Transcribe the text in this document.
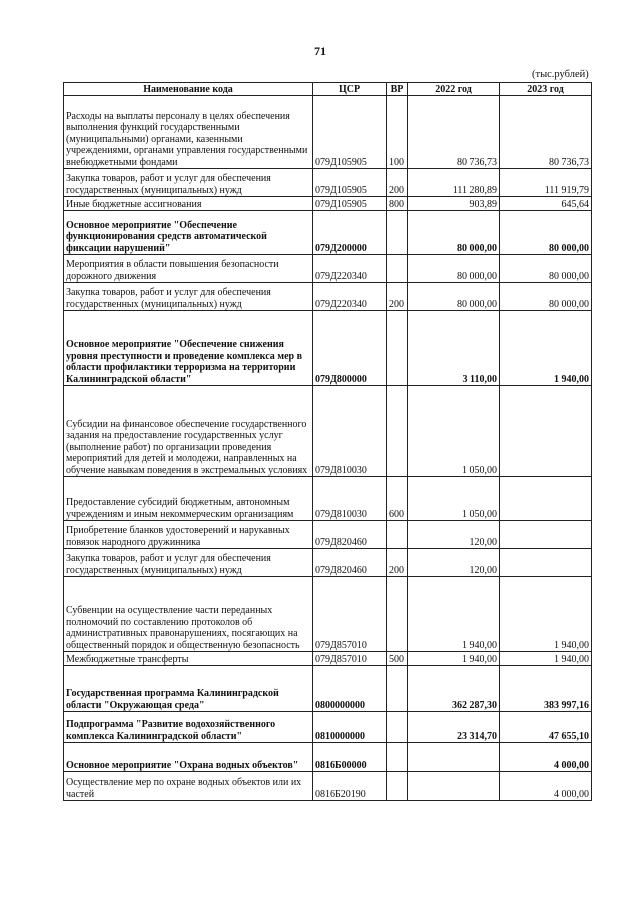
71
(тыс.рублей)
Наименование кода	ЦСР	ВР	2022 год	2023 год
Расходы на выплаты персоналу в целях обеспечения выполнения функций государственными (муниципальными) органами, казенными учреждениями, органами управления государственными внебюджетными фондами	079Д105905	100	80 736,73	80 736,73
Закупка товаров, работ и услуг для обеспечения государственных (муниципальных) нужд	079Д105905	200	111 280,89	111 919,79
Иные бюджетные ассигнования	079Д105905	800	903,89	645,64
Основное мероприятие "Обеспечение функционирования средств автоматической фиксации нарушений"	079Д200000		80 000,00	80 000,00
Мероприятия в области повышения безопасности дорожного движения	079Д220340		80 000,00	80 000,00
Закупка товаров, работ и услуг для обеспечения государственных (муниципальных) нужд	079Д220340	200	80 000,00	80 000,00
Основное мероприятие "Обеспечение снижения уровня преступности и проведение комплекса мер в области профилактики терроризма на территории Калининградской области"	079Д800000		3 110,00	1 940,00
Субсидии на финансовое обеспечение государственного задания на предоставление государственных услуг (выполнение работ) по организации проведения мероприятий для детей и молодежи, направленных на обучение навыкам поведения в экстремальных условиях	079Д810030		1 050,00	
Предоставление субсидий бюджетным, автономным учреждениям и иным некоммерческим организациям	079Д810030	600	1 050,00	
Приобретение бланков удостоверений и нарукавных повязок народного дружинника	079Д820460		120,00	
Закупка товаров, работ и услуг для обеспечения государственных (муниципальных) нужд	079Д820460	200	120,00	
Субвенции на осуществление части переданных полномочий по составлению протоколов об административных правонарушениях, посягающих на общественный порядок и общественную безопасность	079Д857010		1 940,00	1 940,00
Межбюджетные трансферты	079Д857010	500	1 940,00	1 940,00
Государственная программа Калининградской области "Окружающая среда"	0800000000		362 287,30	383 997,16
Подпрограмма "Развитие водохозяйственного комплекса Калининградской области"	0810000000		23 314,70	47 655,10
Основное мероприятие "Охрана водных объектов"	0816Б00000			4 000,00
Осуществление мер по охране водных объектов или их частей	0816Б20190			4 000,00
